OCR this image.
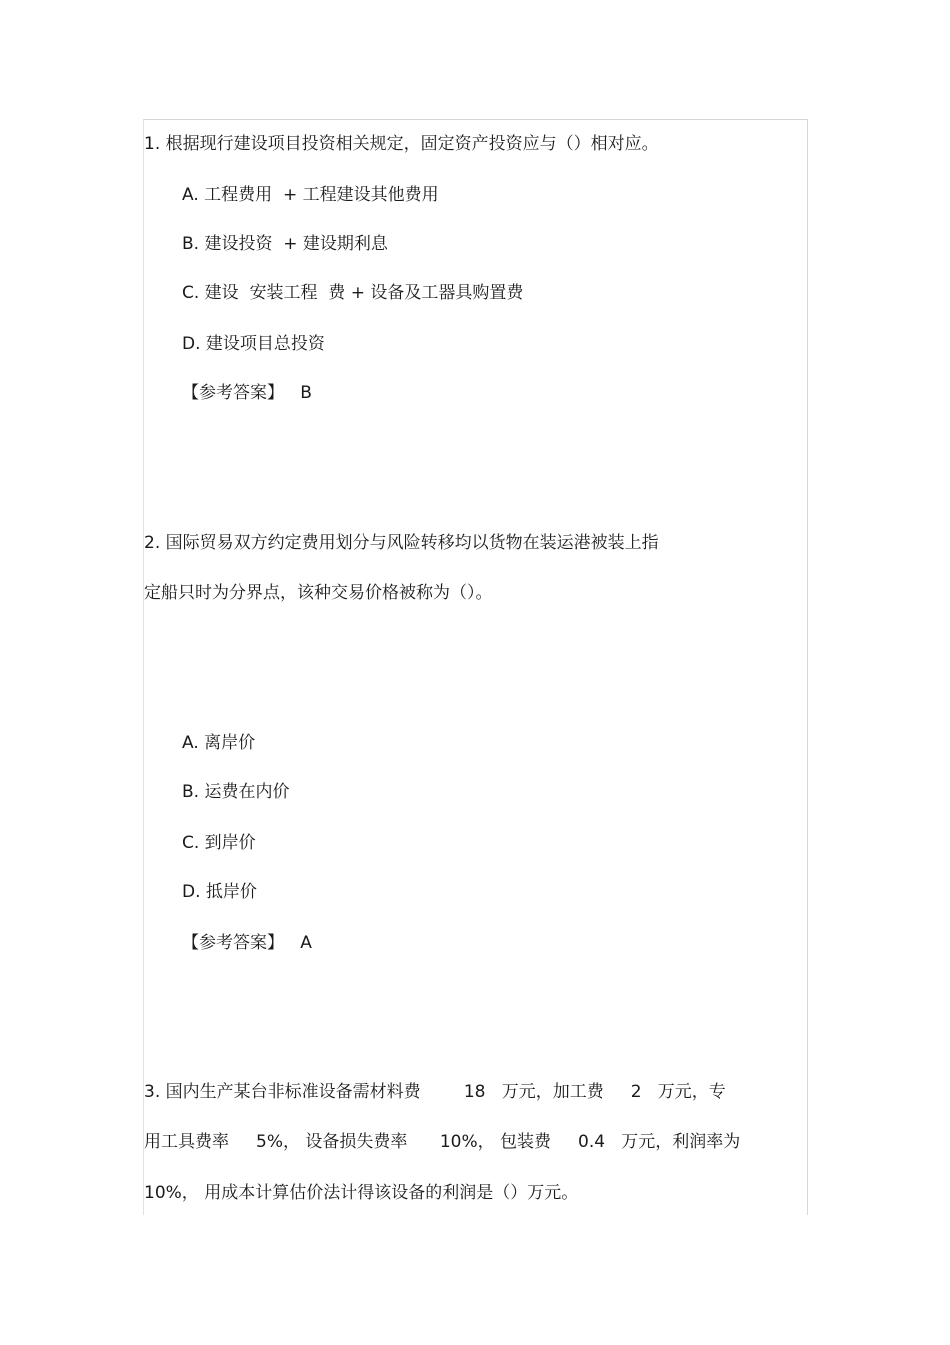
1. 根据现行建设项目投资相关规定，固定资产投资应与（）相对应。
A. 工程费用  + 工程建设其他费用
B. 建设投资  + 建设期利息
C. 建设  安装工程  费 + 设备及工器具购置费
D. 建设项目总投资
【参考答案】   B
2. 国际贸易双方约定费用划分与风险转移均以货物在装运港被装上指
定船只时为分界点，该种交易价格被称为（）。
A. 离岸价
B. 运费在内价
C. 到岸价
D. 抵岸价
【参考答案】   A
3. 国内生产某台非标准设备需材料费        18   万元，加工费     2   万元，专
用工具费率     5%， 设备损失费率      10%， 包装费     0.4   万元，利润率为
10%， 用成本计算估价法计得该设备的利润是（）万元。
